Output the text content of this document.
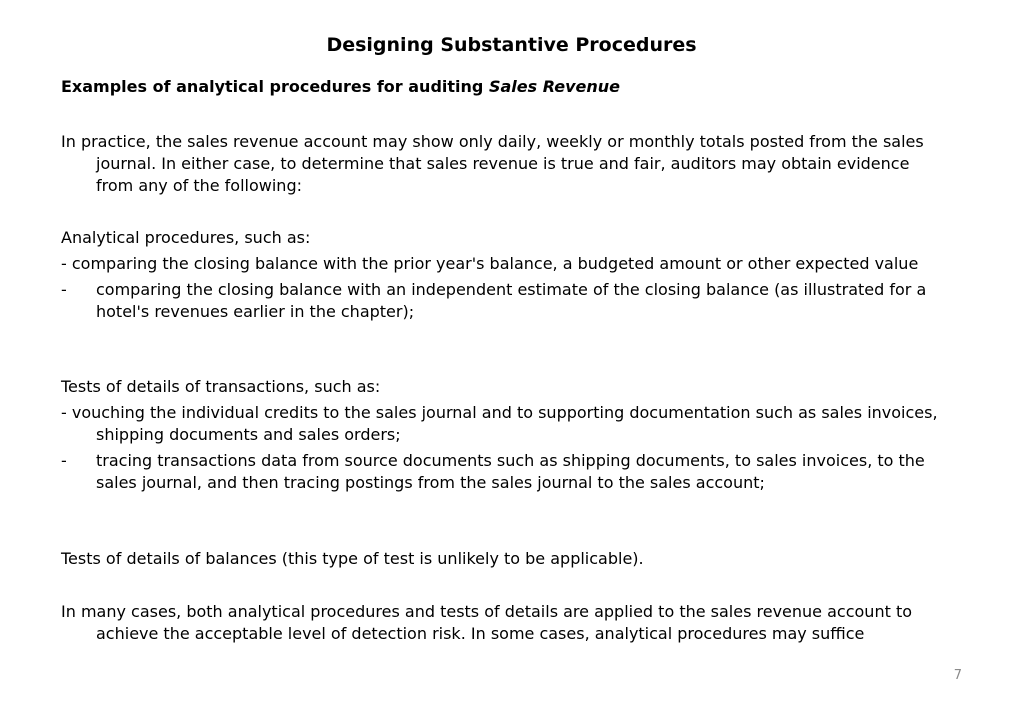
Designing Substantive Procedures
Examples of analytical procedures for auditing Sales Revenue
In practice, the sales revenue account may show only daily, weekly or monthly totals posted from the sales journal. In either case, to determine that sales revenue is true and fair, auditors may obtain evidence from any of the following:
Analytical procedures, such as:
- comparing the closing balance with the prior year's balance, a budgeted amount or other expected value
-	comparing the closing balance with an independent estimate of the closing balance (as illustrated for a hotel's revenues earlier in the chapter);
Tests of details of transactions, such as:
- vouching the individual credits to the sales journal and to supporting documentation such as sales invoices, shipping documents and sales orders;
-	tracing transactions data from source documents such as shipping documents, to sales invoices, to the sales journal, and then tracing postings from the sales journal to the sales account;
Tests of details of balances (this type of test is unlikely to be applicable).
In many cases, both analytical procedures and tests of details are applied to the sales revenue account to achieve the acceptable level of detection risk. In some cases, analytical procedures may suffice
7
